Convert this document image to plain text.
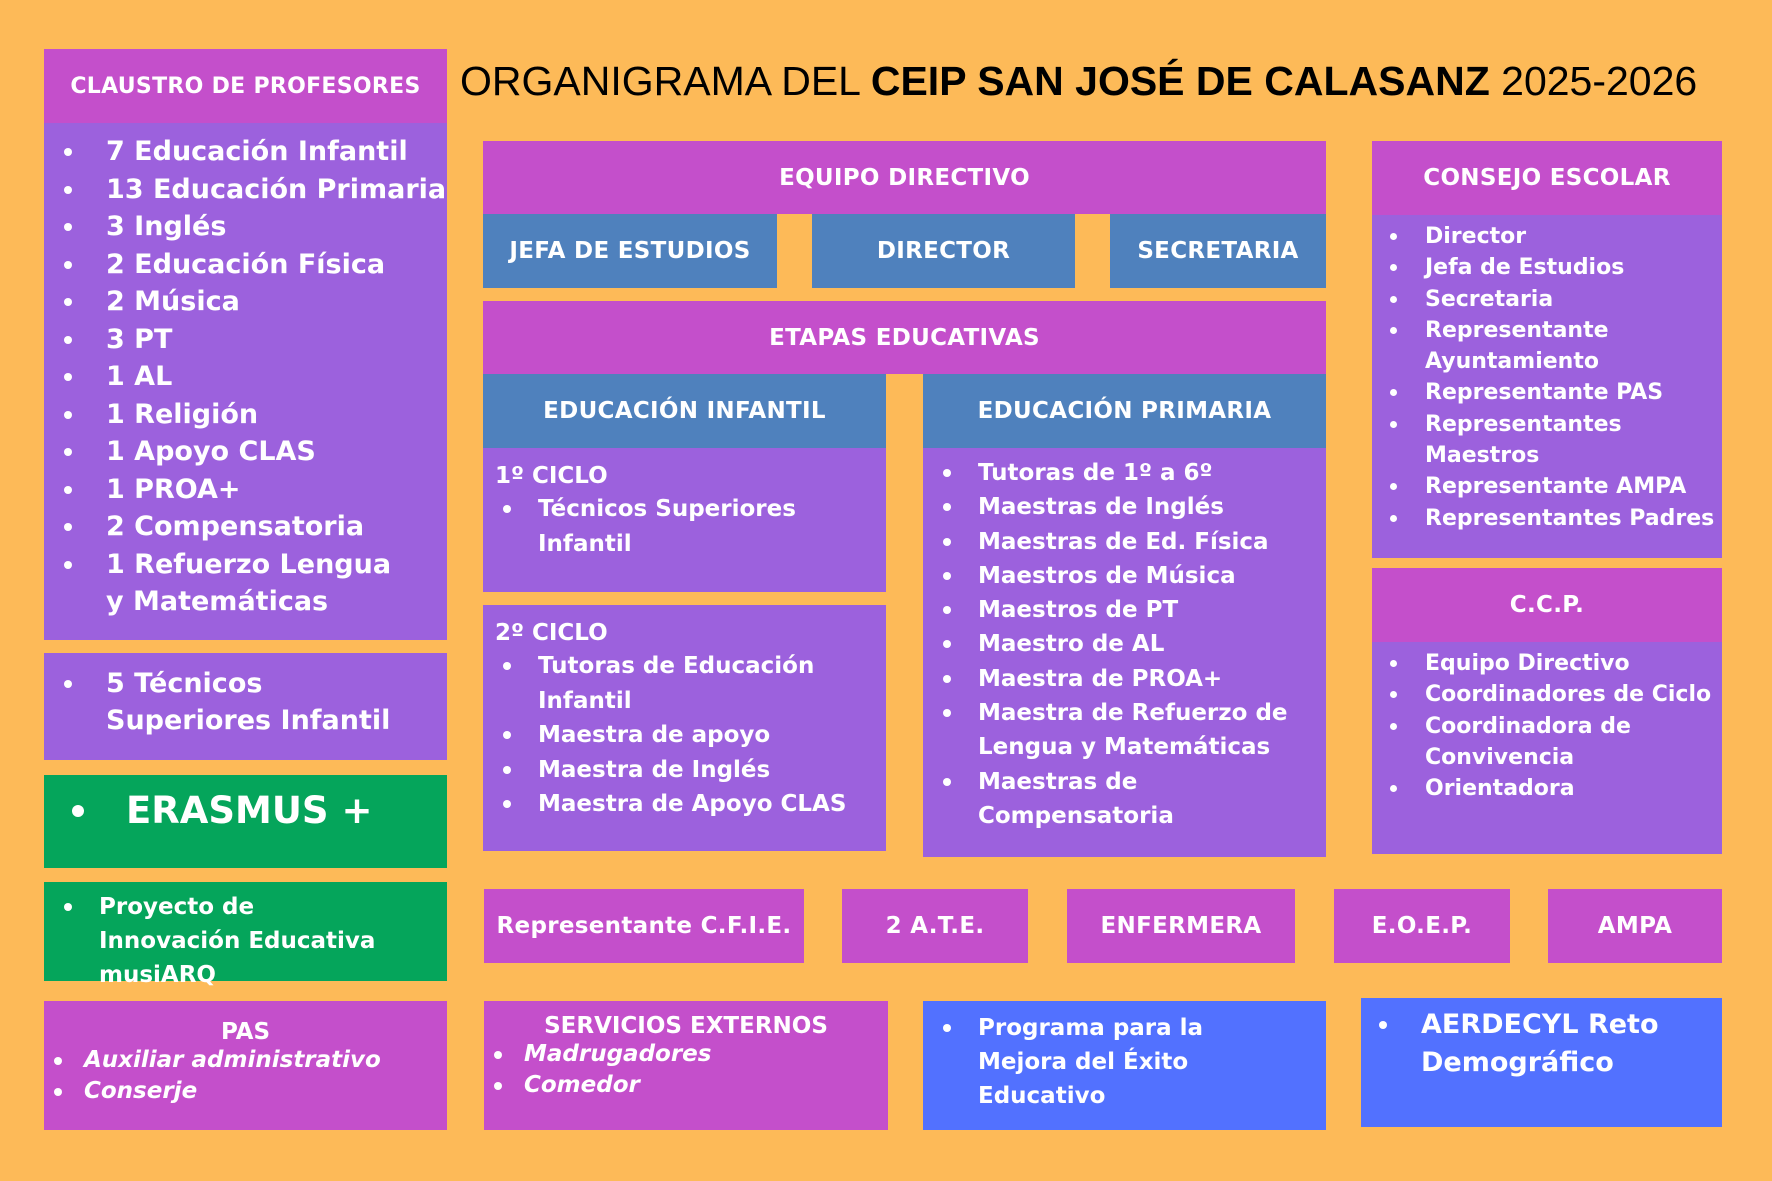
ORGANIGRAMA DEL CEIP SAN JOSÉ DE CALASANZ 2025-2026
CLAUSTRO DE PROFESORES
7 Educación Infantil
13 Educación Primaria
3 Inglés
2 Educación Física
2 Música
3 PT
1 AL
1 Religión
1 Apoyo CLAS
1 PROA+
2 Compensatoria
1 Refuerzo Lengua y Matemáticas
5 Técnicos Superiores Infantil
ERASMUS +
Proyecto de Innovación Educativa musiARQ
PAS
Auxiliar administrativo
Conserje
EQUIPO DIRECTIVO
JEFA DE ESTUDIOS	DIRECTOR	SECRETARIA
ETAPAS EDUCATIVAS
EDUCACIÓN INFANTIL
1º CICLO
Técnicos Superiores Infantil
2º CICLO
Tutoras de Educación Infantil
Maestra de apoyo
Maestra de Inglés
Maestra de Apoyo CLAS
EDUCACIÓN PRIMARIA
Tutoras de 1º a 6º
Maestras de Inglés
Maestras de Ed. Física
Maestros de Música
Maestros de PT
Maestro de AL
Maestra de PROA+
Maestra de Refuerzo de Lengua y Matemáticas
Maestras de Compensatoria
CONSEJO ESCOLAR
Director
Jefa de Estudios
Secretaria
Representante Ayuntamiento
Representante PAS
Representantes Maestros
Representante AMPA
Representantes Padres
C.C.P.
Equipo Directivo
Coordinadores de Ciclo
Coordinadora de Convivencia
Orientadora
Representante C.F.I.E.	2 A.T.E.	ENFERMERA	E.O.E.P.	AMPA
SERVICIOS EXTERNOS
Madrugadores
Comedor
Programa para la Mejora del Éxito Educativo
AERDECYL Reto Demográfico
